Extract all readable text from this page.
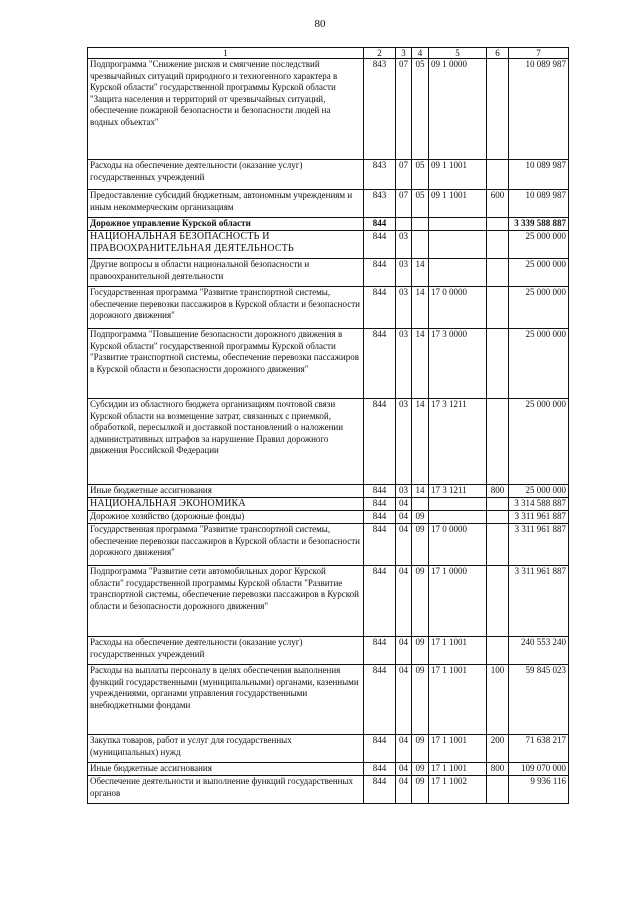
80
1	2	3	4	5	6	7
Подпрограмма "Снижение рисков и смягчение последствий чрезвычайных ситуаций природного и техногенного характера в Курской области" государственной программы Курской области "Защита населения и территорий от чрезвычайных ситуаций, обеспечение пожарной безопасности и безопасности людей на водных объектах"	843	07	05	09 1 0000		10 089 987
Расходы на обеспечение деятельности (оказание услуг) государственных учреждений	843	07	05	09 1 1001		10 089 987
Предоставление субсидий бюджетным, автономным учреждениям и иным некоммерческим организациям	843	07	05	09 1 1001	600	10 089 987
Дорожное управление Курской области	844					3 339 588 887
НАЦИОНАЛЬНАЯ БЕЗОПАСНОСТЬ И ПРАВООХРАНИТЕЛЬНАЯ ДЕЯТЕЛЬНОСТЬ	844	03				25 000 000
Другие вопросы в области национальной безопасности и правоохранительной деятельности	844	03	14			25 000 000
Государственная программа "Развитие транспортной системы, обеспечение перевозки пассажиров в Курской области и безопасности дорожного движения"	844	03	14	17 0 0000		25 000 000
Подпрограмма "Повышение безопасности дорожного движения в Курской области" государственной программы Курской области "Развитие транспортной системы, обеспечение перевозки пассажиров в Курской области и безопасности дорожного движения"	844	03	14	17 3 0000		25 000 000
Субсидии из областного бюджета организациям почтовой связи Курской области на возмещение затрат, связанных с приемкой, обработкой, пересылкой и доставкой постановлений о наложении административных штрафов за нарушение Правил дорожного движения Российской Федерации	844	03	14	17 3 1211		25 000 000
Иные бюджетные ассигнования	844	03	14	17 3 1211	800	25 000 000
НАЦИОНАЛЬНАЯ ЭКОНОМИКА	844	04				3 314 588 887
Дорожное хозяйство (дорожные фонды)	844	04	09			3 311 961 887
Государственная программа "Развитие транспортной системы, обеспечение перевозки пассажиров в Курской области и безопасности дорожного движения"	844	04	09	17 0 0000		3 311 961 887
Подпрограмма "Развитие сети автомобильных дорог Курской области" государственной программы Курской области "Развитие транспортной системы, обеспечение перевозки пассажиров в Курской области и безопасности дорожного движения"	844	04	09	17 1 0000		3 311 961 887
Расходы на обеспечение деятельности (оказание услуг) государственных учреждений	844	04	09	17 1 1001		240 553 240
Расходы на выплаты персоналу в целях обеспечения выполнения функций государственными (муниципальными) органами, казенными учреждениями, органами управления государственными внебюджетными фондами	844	04	09	17 1 1001	100	59 845 023
Закупка товаров, работ и услуг для государственных (муниципальных) нужд	844	04	09	17 1 1001	200	71 638 217
Иные бюджетные ассигнования	844	04	09	17 1 1001	800	109 070 000
Обеспечение деятельности и выполнение функций государственных органов	844	04	09	17 1 1002		9 936 116
